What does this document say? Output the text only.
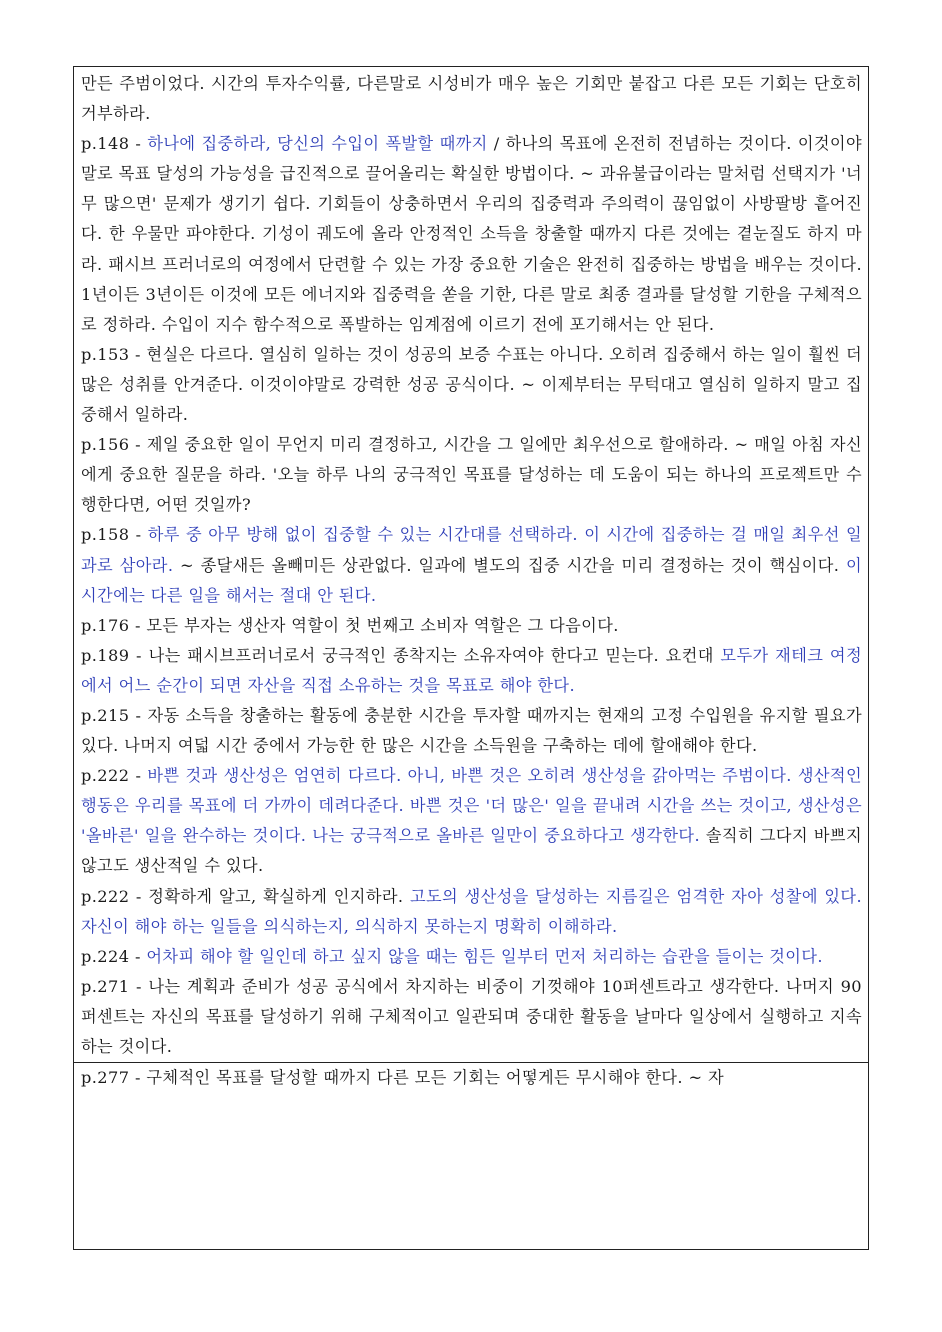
만든 주범이었다. 시간의 투자수익률, 다른말로 시성비가 매우 높은 기회만 붙잡고 다른 모든 기회는 단호히 거부하라.

p.148 - 하나에 집중하라, 당신의 수입이 폭발할 때까지 / 하나의 목표에 온전히 전념하는 것이다. 이것이야말로 목표 달성의 가능성을 급진적으로 끌어올리는 확실한 방법이다. ~ 과유불급이라는 말처럼 선택지가 '너무 많으면' 문제가 생기기 쉽다. 기회들이 상충하면서 우리의 집중력과 주의력이 끊임없이 사방팔방 흩어진다. 한 우물만 파야한다. 기성이 궤도에 올라 안정적인 소득을 창출할 때까지 다른 것에는 곁눈질도 하지 마라. 패시브 프러너로의 여정에서 단련할 수 있는 가장 중요한 기술은 완전히 집중하는 방법을 배우는 것이다. 1년이든 3년이든 이것에 모든 에너지와 집중력을 쏟을 기한, 다른 말로 최종 결과를 달성할 기한을 구체적으로 정하라. 수입이 지수 함수적으로 폭발하는 임계점에 이르기 전에 포기해서는 안 된다.

p.153 - 현실은 다르다. 열심히 일하는 것이 성공의 보증 수표는 아니다. 오히려 집중해서 하는 일이 훨씬 더 많은 성취를 안겨준다. 이것이야말로 강력한 성공 공식이다. ~ 이제부터는 무턱대고 열심히 일하지 말고 집중해서 일하라.

p.156 - 제일 중요한 일이 무언지 미리 결정하고, 시간을 그 일에만 최우선으로 할애하라. ~ 매일 아침 자신에게 중요한 질문을 하라. '오늘 하루 나의 궁극적인 목표를 달성하는 데 도움이 되는 하나의 프로젝트만 수행한다면, 어떤 것일까?

p.158 - 하루 중 아무 방해 없이 집중할 수 있는 시간대를 선택하라. 이 시간에 집중하는 걸 매일 최우선 일과로 삼아라. ~ 종달새든 올빼미든 상관없다. 일과에 별도의 집중 시간을 미리 결정하는 것이 핵심이다. 이 시간에는 다른 일을 해서는 절대 안 된다.

p.176 - 모든 부자는 생산자 역할이 첫 번째고 소비자 역할은 그 다음이다.

p.189 - 나는 패시브프러너로서 궁극적인 종착지는 소유자여야 한다고 믿는다. 요컨대 모두가 재테크 여정에서 어느 순간이 되면 자산을 직접 소유하는 것을 목표로 해야 한다.

p.215 - 자동 소득을 창출하는 활동에 충분한 시간을 투자할 때까지는 현재의 고정 수입원을 유지할 필요가 있다. 나머지 여덟 시간 중에서 가능한 한 많은 시간을 소득원을 구축하는 데에 할애해야 한다.

p.222 - 바쁜 것과 생산성은 엄연히 다르다. 아니, 바쁜 것은 오히려 생산성을 갉아먹는 주범이다. 생산적인 행동은 우리를 목표에 더 가까이 데려다준다. 바쁜 것은 '더 많은' 일을 끝내려 시간을 쓰는 것이고, 생산성은 '올바른' 일을 완수하는 것이다. 나는 궁극적으로 올바른 일만이 중요하다고 생각한다. 솔직히 그다지 바쁘지 않고도 생산적일 수 있다.

p.222 - 정확하게 알고, 확실하게 인지하라. 고도의 생산성을 달성하는 지름길은 엄격한 자아 성찰에 있다. 자신이 해야 하는 일들을 의식하는지, 의식하지 못하는지 명확히 이해하라.

p.224 - 어차피 해야 할 일인데 하고 싶지 않을 때는 힘든 일부터 먼저 처리하는 습관을 들이는 것이다.

p.271 - 나는 계획과 준비가 성공 공식에서 차지하는 비중이 기껏해야 10퍼센트라고 생각한다. 나머지 90퍼센트는 자신의 목표를 달성하기 위해 구체적이고 일관되며 중대한 활동을 날마다 일상에서 실행하고 지속하는 것이다.

p.277 - 구체적인 목표를 달성할 때까지 다른 모든 기회는 어떻게든 무시해야 한다. ~ 자
